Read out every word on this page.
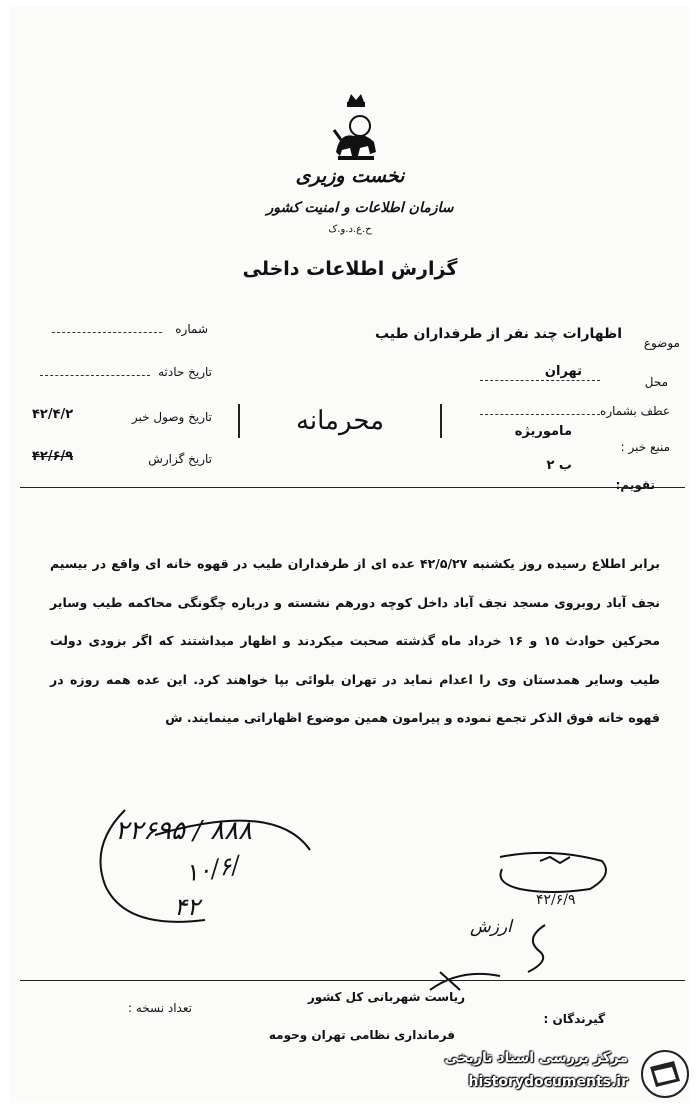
نخست وزیری
سازمان اطلاعات و امنیت کشور
ح.ع.د.و.ک
گزارش اطلاعات داخلی
موضوع
اظهارات چند نفر از طرفداران طیب
محل
تهران
عطف بشماره
منبع خبر :
ماموریژه
تقویم:
ب ۲
شماره
تاریخ حادثه
تاریخ وصول خبر
۴۲/۴/۲
تاریخ گزارش
۴۲/۶/۹
محرمانه
برابر اطلاع رسیده روز یکشنبه ۴۲/۵/۲۷ عده ای از طرفداران طیب در قهوه خانه ای واقع در بیسیم نجف آباد روبروی مسجد نجف آباد داخل کوچه دورهم نشسته و درباره چگونگی محاکمه طیب وسایر محرکین حوادث ۱۵ و ۱۶ خرداد ماه گذشته صحبت میکردند و اظهار میداشتند که اگر بزودی دولت طیب وسایر همدستان وی را اعدام نماید در تهران بلوائی بپا خواهند کرد. این عده همه روزه در قهوه خانه فوق الذکر تجمع نموده و پیرامون همین موضوع اظهاراتی مینمایند. ش
۲۲۶۹۵ / ۸۸۸
۱۰/۶/
۴۲	۴۲/۶/۹
ارزش
گیرندگان :
ریاست شهربانی کل کشور
فرمانداری نظامی تهران وحومه
تعداد نسخه :
مرکز بررسی اسناد تاریخی
historydocuments.ir
